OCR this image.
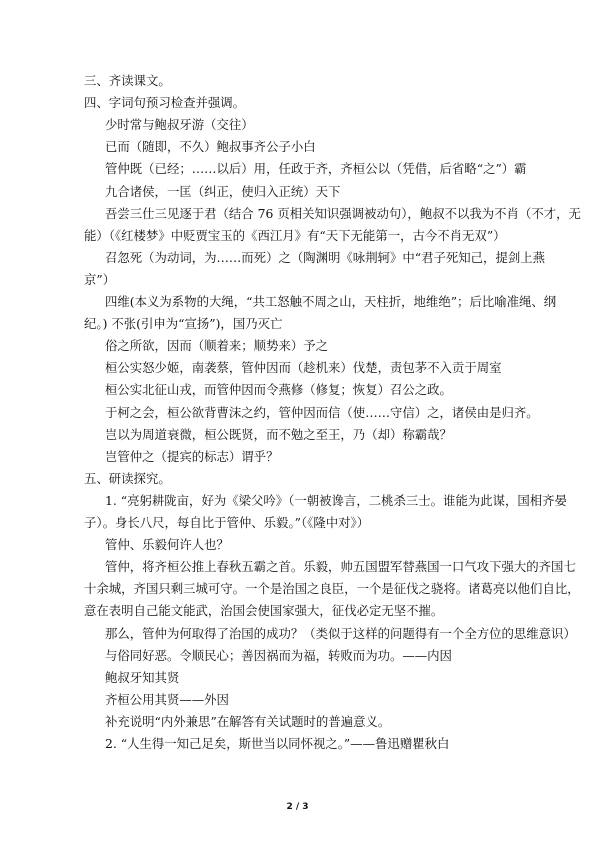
三、齐读课文。
四、字词句预习检查并强调。
少时常与鲍叔牙游（交往）
已而（随即，不久）鲍叔事齐公子小白
管仲既（已经；……以后）用，任政于齐，齐桓公以（凭借，后省略“之”）霸
九合诸侯，一匡（纠正，使归入正统）天下
吾尝三仕三见逐于君（结合 76 页相关知识强调被动句），鲍叔不以我为不肖（不才，无
能）（《红楼梦》中贬贾宝玉的《西江月》有“天下无能第一，古今不肖无双”）
召忽死（为动词，为……而死）之（陶渊明《咏荆轲》中“君子死知己，提剑上燕
京”）
四维(本义为系物的大绳，“共工怒触不周之山，天柱折，地维绝”；后比喻准绳、纲
纪。) 不张(引申为“宣扬”)，国乃灭亡
俗之所欲，因而（顺着来；顺势来）予之
桓公实怒少姬，南袭蔡，管仲因而（趁机来）伐楚，责包茅不入贡于周室
桓公实北征山戎，而管仲因而令燕修（修复；恢复）召公之政。
于柯之会，桓公欲背曹沫之约，管仲因而信（使……守信）之，诸侯由是归齐。
岂以为周道衰微，桓公既贤，而不勉之至王，乃（却）称霸哉？
岂管仲之（提宾的标志）谓乎？
五、研读探究。
1. “亮躬耕陇亩，好为《梁父吟》（一朝被谗言，二桃杀三士。谁能为此谋，国相齐晏
子）。身长八尺，每自比于管仲、乐毅。”（《隆中对》）
管仲、乐毅何许人也？
管仲，将齐桓公推上春秋五霸之首。乐毅，帅五国盟军替燕国一口气攻下强大的齐国七
十余城，齐国只剩三城可守。一个是治国之良臣，一个是征伐之骁将。诸葛亮以他们自比，
意在表明自己能文能武，治国会使国家强大，征伐必定无坚不摧。
那么，管仲为何取得了治国的成功？（类似于这样的问题得有一个全方位的思维意识）
与俗同好恶。令顺民心；善因祸而为福，转败而为功。——内因
鲍叔牙知其贤
齐桓公用其贤——外因
补充说明“内外兼思”在解答有关试题时的普遍意义。
2. “人生得一知己足矣，斯世当以同怀视之。”——鲁迅赠瞿秋白
2 / 3
